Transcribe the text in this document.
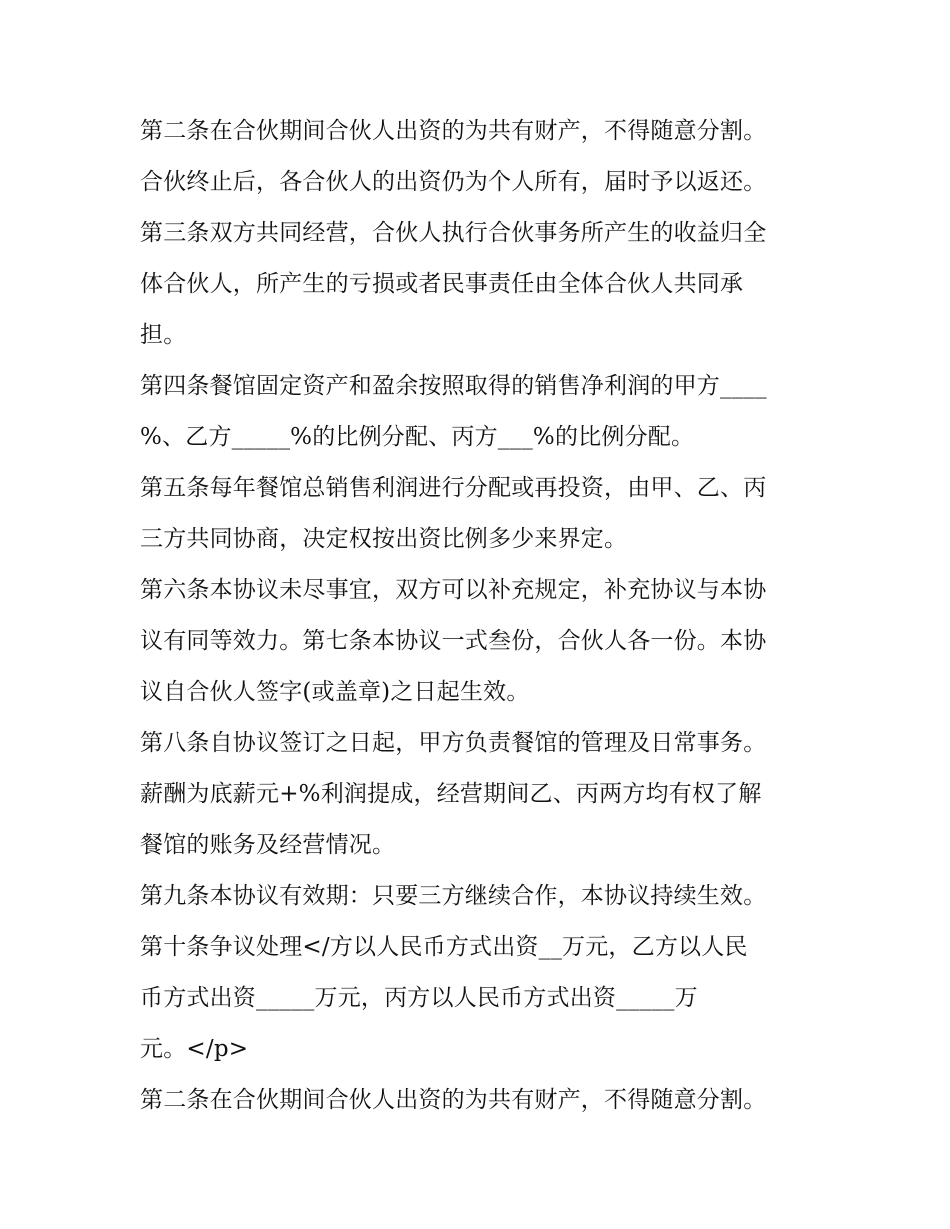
第二条在合伙期间合伙人出资的为共有财产，不得随意分割。
合伙终止后，各合伙人的出资仍为个人所有，届时予以返还。
第三条双方共同经营，合伙人执行合伙事务所产生的收益归全
体合伙人，所产生的亏损或者民事责任由全体合伙人共同承
担。
第四条餐馆固定资产和盈余按照取得的销售净利润的甲方____
%、乙方_____%的比例分配、丙方___%的比例分配。
第五条每年餐馆总销售利润进行分配或再投资，由甲、乙、丙
三方共同协商，决定权按出资比例多少来界定。
第六条本协议未尽事宜，双方可以补充规定，补充协议与本协
议有同等效力。第七条本协议一式叁份，合伙人各一份。本协
议自合伙人签字(或盖章)之日起生效。
第八条自协议签订之日起，甲方负责餐馆的管理及日常事务。
薪酬为底薪元+%利润提成，经营期间乙、丙两方均有权了解
餐馆的账务及经营情况。
第九条本协议有效期：只要三方继续合作，本协议持续生效。
第十条争议处理</方以人民币方式出资__万元，乙方以人民
币方式出资_____万元，丙方以人民币方式出资_____万
元。</p>
第二条在合伙期间合伙人出资的为共有财产，不得随意分割。
